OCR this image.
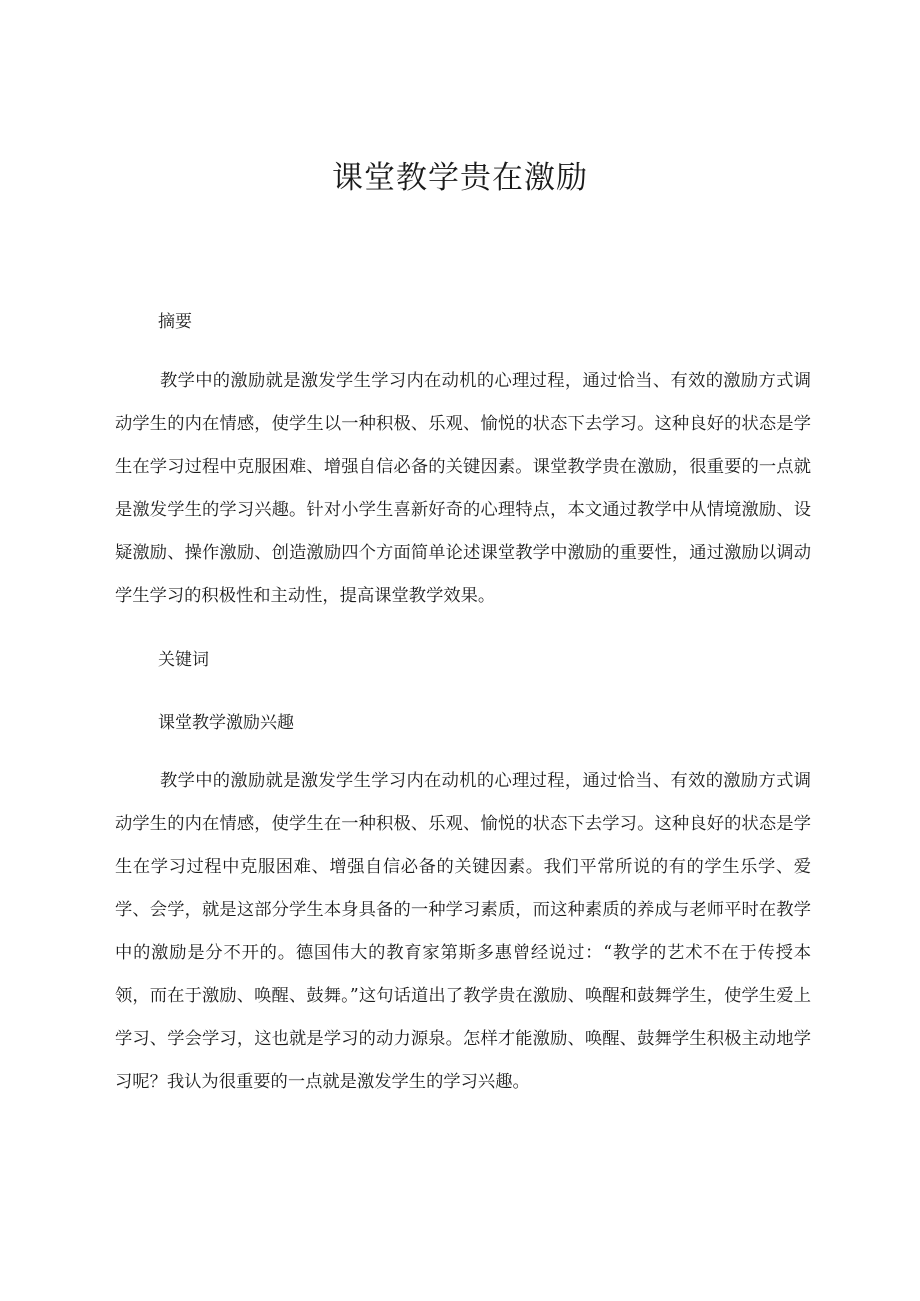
课堂教学贵在激励

摘要

教学中的激励就是激发学生学习内在动机的心理过程，通过恰当、有效的激励方式调动学生的内在情感，使学生以一种积极、乐观、愉悦的状态下去学习。这种良好的状态是学生在学习过程中克服困难、增强自信必备的关键因素。课堂教学贵在激励，很重要的一点就是激发学生的学习兴趣。针对小学生喜新好奇的心理特点，本文通过教学中从情境激励、设疑激励、操作激励、创造激励四个方面简单论述课堂教学中激励的重要性，通过激励以调动学生学习的积极性和主动性，提高课堂教学效果。

关键词

课堂教学激励兴趣

教学中的激励就是激发学生学习内在动机的心理过程，通过恰当、有效的激励方式调动学生的内在情感，使学生在一种积极、乐观、愉悦的状态下去学习。这种良好的状态是学生在学习过程中克服困难、增强自信必备的关键因素。我们平常所说的有的学生乐学、爱学、会学，就是这部分学生本身具备的一种学习素质，而这种素质的养成与老师平时在教学中的激励是分不开的。德国伟大的教育家第斯多惠曾经说过：“教学的艺术不在于传授本领，而在于激励、唤醒、鼓舞。”这句话道出了教学贵在激励、唤醒和鼓舞学生，使学生爱上学习、学会学习，这也就是学习的动力源泉。怎样才能激励、唤醒、鼓舞学生积极主动地学习呢？我认为很重要的一点就是激发学生的学习兴趣。
